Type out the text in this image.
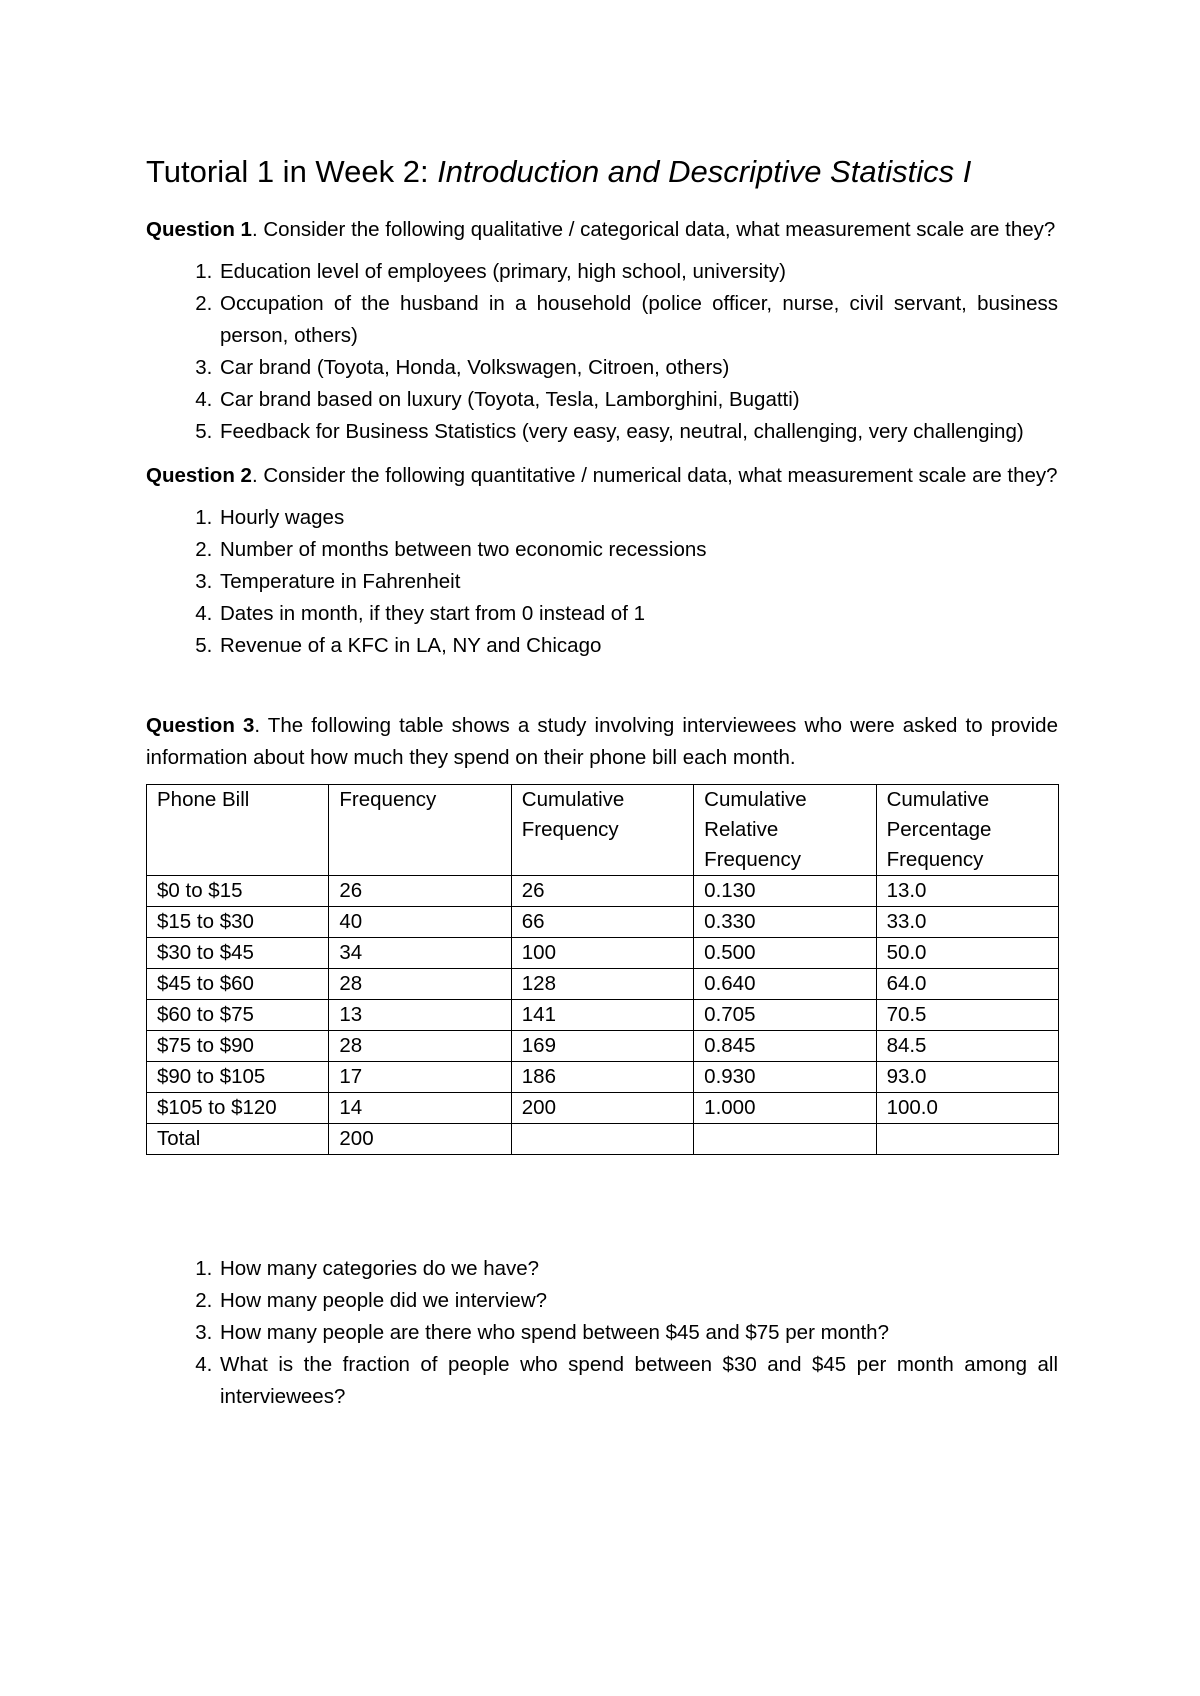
Tutorial 1 in Week 2: Introduction and Descriptive Statistics I

Question 1. Consider the following qualitative / categorical data, what measurement scale are they?

1. Education level of employees (primary, high school, university)
2. Occupation of the husband in a household (police officer, nurse, civil servant, business person, others)
3. Car brand (Toyota, Honda, Volkswagen, Citroen, others)
4. Car brand based on luxury (Toyota, Tesla, Lamborghini, Bugatti)
5. Feedback for Business Statistics (very easy, easy, neutral, challenging, very challenging)

Question 2. Consider the following quantitative / numerical data, what measurement scale are they?

1. Hourly wages
2. Number of months between two economic recessions
3. Temperature in Fahrenheit
4. Dates in month, if they start from 0 instead of 1
5. Revenue of a KFC in LA, NY and Chicago

Question 3. The following table shows a study involving interviewees who were asked to provide information about how much they spend on their phone bill each month.

Phone Bill	Frequency	Cumulative Frequency	Cumulative Relative Frequency	Cumulative Percentage Frequency
$0 to $15	26	26	0.130	13.0
$15 to $30	40	66	0.330	33.0
$30 to $45	34	100	0.500	50.0
$45 to $60	28	128	0.640	64.0
$60 to $75	13	141	0.705	70.5
$75 to $90	28	169	0.845	84.5
$90 to $105	17	186	0.930	93.0
$105 to $120	14	200	1.000	100.0
Total	200			
1. How many categories do we have?
2. How many people did we interview?
3. How many people are there who spend between $45 and $75 per month?
4. What is the fraction of people who spend between $30 and $45 per month among all interviewees?
